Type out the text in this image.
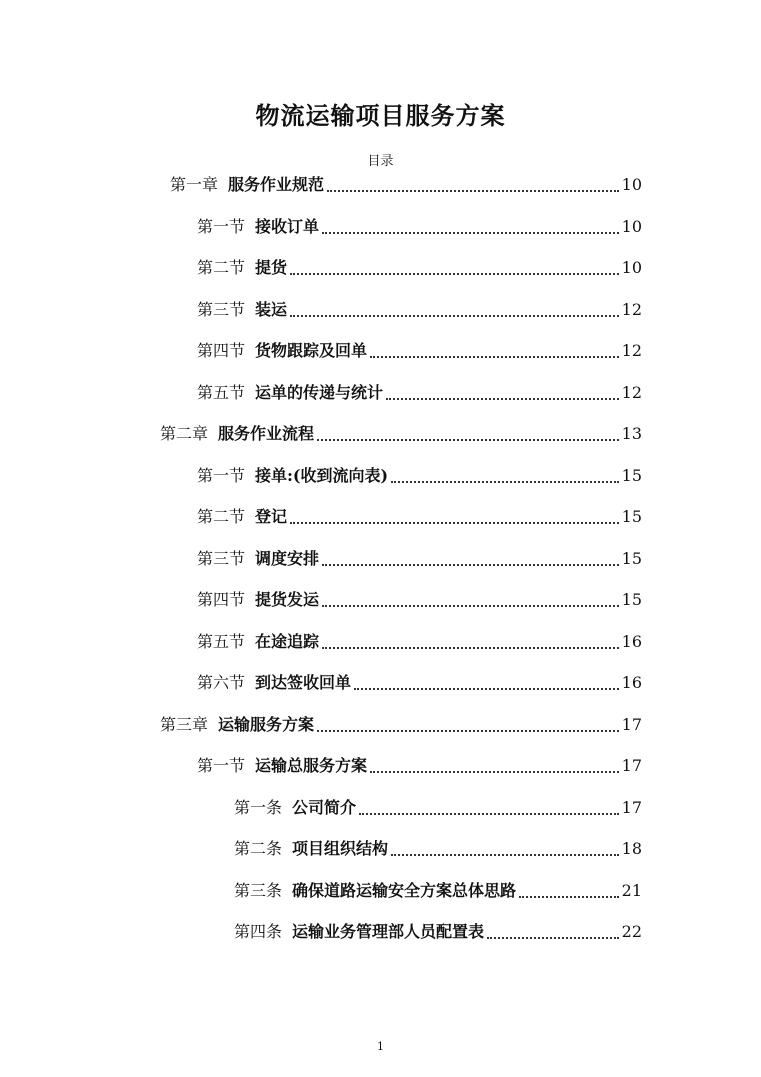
物流运输项目服务方案
目录
第一章 服务作业规范	10
第一节 接收订单	10
第二节 提货	10
第三节 装运	12
第四节 货物跟踪及回单	12
第五节 运单的传递与统计	12
第二章 服务作业流程	13
第一节 接单:(收到流向表)	15
第二节 登记	15
第三节 调度安排	15
第四节 提货发运	15
第五节 在途追踪	16
第六节 到达签收回单	16
第三章 运输服务方案	17
第一节 运输总服务方案	17
第一条 公司简介	17
第二条 项目组织结构	18
第三条 确保道路运输安全方案总体思路	21
第四条 运输业务管理部人员配置表	22
1
